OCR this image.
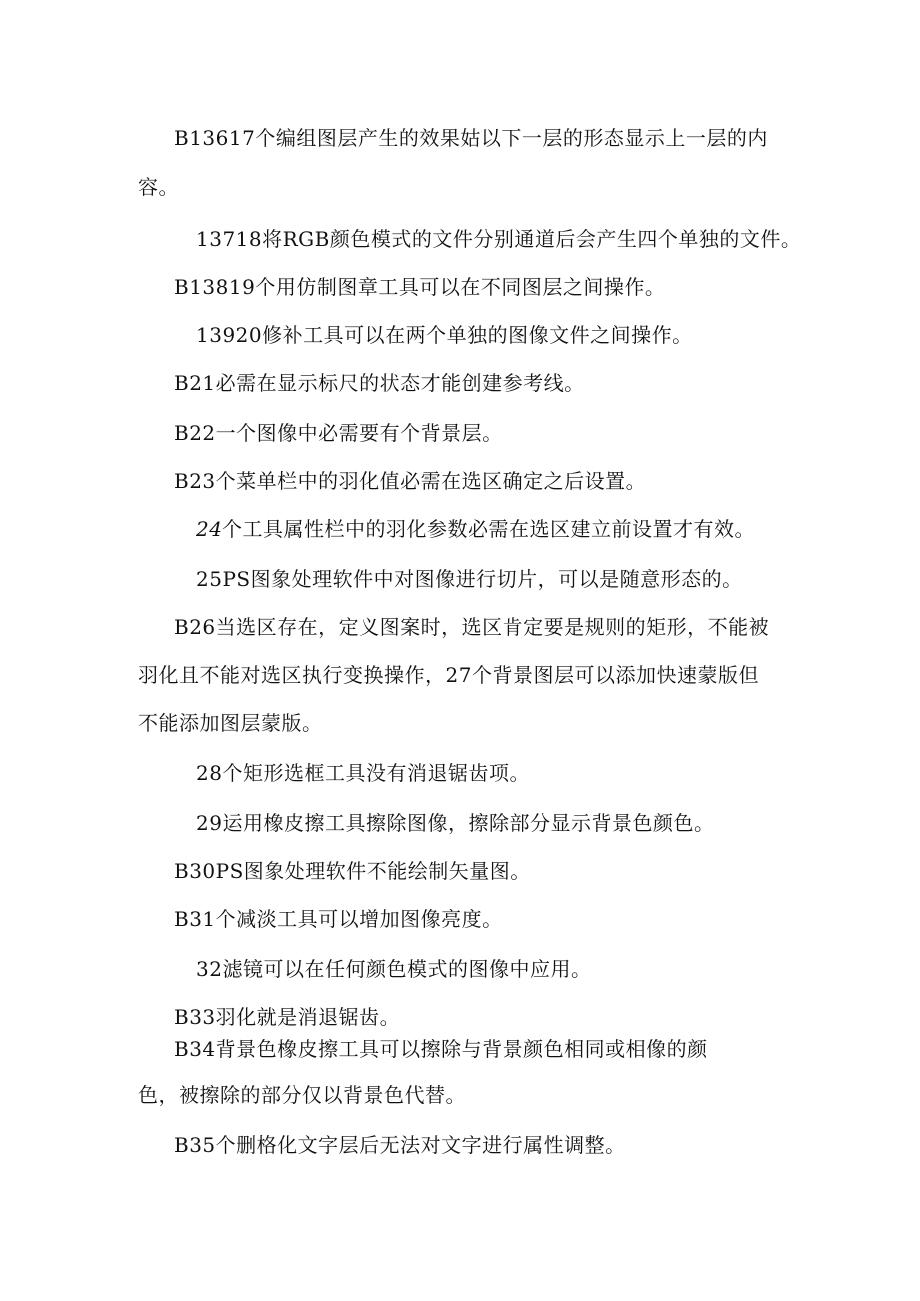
B13617个编组图层产生的效果姑以下一层的形态显示上一层的内
容。
13718将RGB颜色模式的文件分别通道后会产生四个单独的文件。
B13819个用仿制图章工具可以在不同图层之间操作。
13920修补工具可以在两个单独的图像文件之间操作。
B21必需在显示标尺的状态才能创建参考线。
B22一个图像中必需要有个背景层。
B23个菜单栏中的羽化值必需在选区确定之后设置。
24 个工具属性栏中的羽化参数必需在选区建立前设置才有效。
25PS图象处理软件中对图像进行切片，可以是随意形态的。
B26当选区存在，定义图案时，选区肯定要是规则的矩形，不能被
羽化且不能对选区执行变换操作，27个背景图层可以添加快速蒙版但
不能添加图层蒙版。
28个矩形选框工具没有消退锯齿项。
29运用橡皮擦工具擦除图像，擦除部分显示背景色颜色。
B30PS图象处理软件不能绘制矢量图。
B31个减淡工具可以增加图像亮度。
32滤镜可以在任何颜色模式的图像中应用。
B33羽化就是消退锯齿。
B34背景色橡皮擦工具可以擦除与背景颜色相同或相像的颜
色，被擦除的部分仅以背景色代替。
B35个删格化文字层后无法对文字进行属性调整。
